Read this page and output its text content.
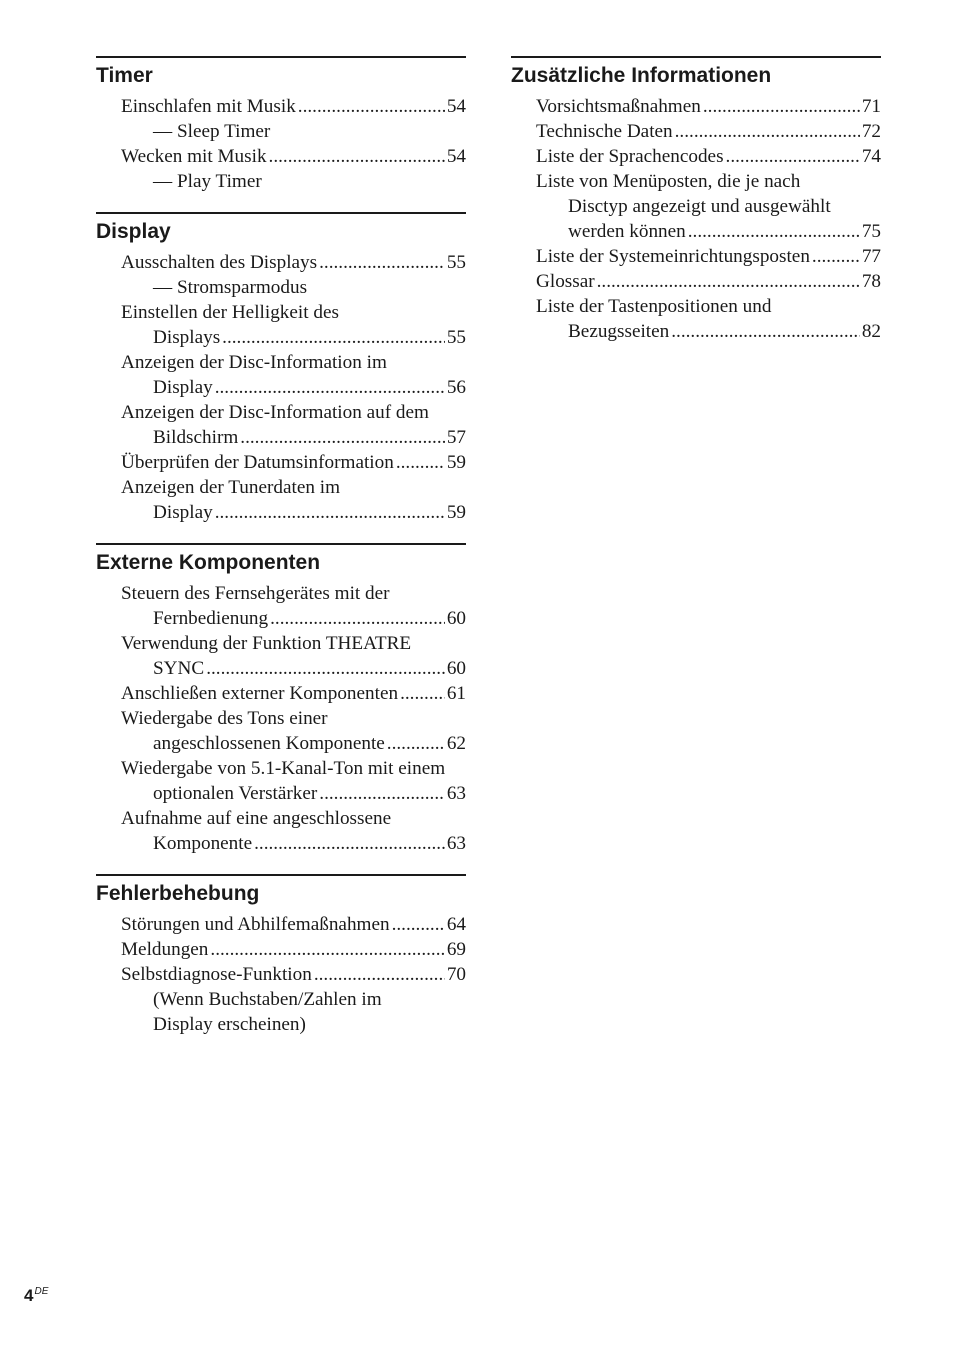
Timer
Einschlafen mit Musik . . .	54
— Sleep Timer
Wecken mit Musik . . .	54
— Play Timer
Display
Ausschalten des Displays . . .	55
— Stromsparmodus
Einstellen der Helligkeit des
Displays . . .	55
Anzeigen der Disc-Information im
Display . . .	56
Anzeigen der Disc-Information auf dem
Bildschirm . . .	57
Überprüfen der Datumsinformation . . .	59
Anzeigen der Tunerdaten im
Display . . .	59
Externe Komponenten
Steuern des Fernsehgerätes mit der
Fernbedienung . . .	60
Verwendung der Funktion THEATRE
SYNC . . .	60
Anschließen externer Komponenten . . .	61
Wiedergabe des Tons einer
angeschlossenen Komponente . . .	62
Wiedergabe von 5.1-Kanal-Ton mit einem
optionalen Verstärker . . .	63
Aufnahme auf eine angeschlossene
Komponente . . .	63
Fehlerbehebung
Störungen und Abhilfemaßnahmen . . .	64
Meldungen . . .	69
Selbstdiagnose-Funktion . . .	70
(Wenn Buchstaben/Zahlen im
Display erscheinen)
Zusätzliche Informationen
Vorsichtsmaßnahmen . . .	71
Technische Daten . . .	72
Liste der Sprachencodes . . .	74
Liste von Menüposten, die je nach
Disctyp angezeigt und ausgewählt
werden können . . .	75
Liste der Systemeinrichtungsposten . . .	77
Glossar . . .	78
Liste der Tastenpositionen und
Bezugsseiten . . .	82
4DE
